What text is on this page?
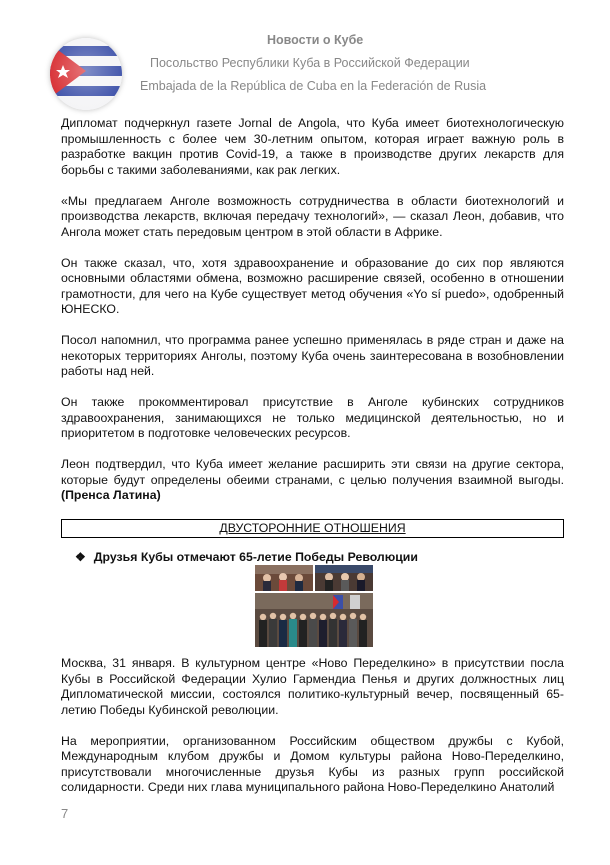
Новости о Кубе
Посольство Республики Куба в Российской Федерации
Embajada de la República de Cuba en la Federación de Rusia

Дипломат подчеркнул газете Jornal de Angola, что Куба имеет биотехнологическую промышленность с более чем 30-летним опытом, которая играет важную роль в разработке вакцин против Covid-19, а также в производстве других лекарств для борьбы с такими заболеваниями, как рак легких.

«Мы предлагаем Анголе возможность сотрудничества в области биотехнологий и производства лекарств, включая передачу технологий», — сказал Леон, добавив, что Ангола может стать передовым центром в этой области в Африке.

Он также сказал, что, хотя здравоохранение и образование до сих пор являются основными областями обмена, возможно расширение связей, особенно в отношении грамотности, для чего на Кубе существует метод обучения «Yo sí puedo», одобренный ЮНЕСКО.

Посол напомнил, что программа ранее успешно применялась в ряде стран и даже на некоторых территориях Анголы, поэтому Куба очень заинтересована в возобновлении работы над ней.

Он также прокомментировал присутствие в Анголе кубинских сотрудников здравоохранения, занимающихся не только медицинской деятельностью, но и приоритетом в подготовке человеческих ресурсов.

Леон подтвердил, что Куба имеет желание расширить эти связи на другие сектора, которые будут определены обеими странами, с целью получения взаимной выгоды. (Пренса Латина)

ДВУСТОРОННИЕ ОТНОШЕНИЯ
❖ Друзья Кубы отмечают 65-летие Победы Революции

Москва, 31 января. В культурном центре «Ново Переделкино» в присутствии посла Кубы в Российской Федерации Хулио Гармендиа Пенья и других должностных лиц Дипломатической миссии, состоялся политико-культурный вечер, посвященный 65-летию Победы Кубинской революции.

На мероприятии, организованном Российским обществом дружбы с Кубой, Международным клубом дружбы и Домом культуры района Ново-Переделкино, присутствовали многочисленные друзья Кубы из разных групп российской солидарности. Среди них глава муниципального района Ново-Переделкино Анатолий

7
